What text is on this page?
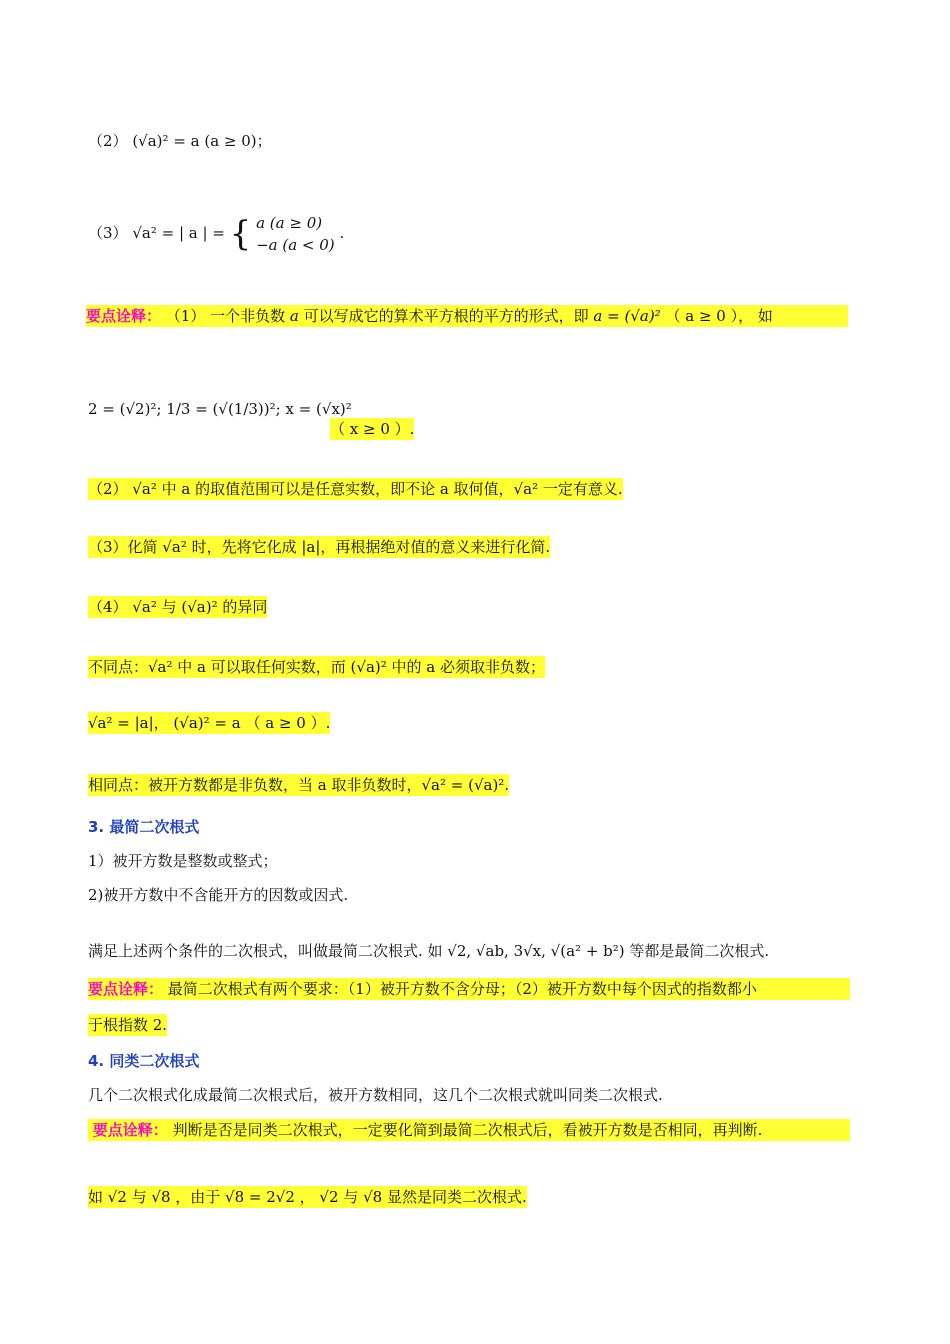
（2） (√a)² = a (a ≥ 0)；
（3） √a² = | a | = { a (a ≥ 0)
−a (a < 0)
.
要点诠释： （1） 一个非负数 a 可以写成它的算术平方根的平方的形式，即 a = (√a)² （ a ≥ 0 ）， 如
2 = (√2)²; 1/3 = (√(1/3))²; x = (√x)²
（ x ≥ 0 ）.
（2） √a² 中 a 的取值范围可以是任意实数，即不论 a 取何值，√a² 一定有意义.
（3）化简 √a² 时，先将它化成 |a|，再根据绝对值的意义来进行化简.
（4） √a² 与 (√a)² 的异同
不同点：√a² 中 a 可以取任何实数，而 (√a)² 中的 a 必须取非负数；
√a² = |a|， (√a)² = a （ a ≥ 0 ）.
相同点：被开方数都是非负数，当 a 取非负数时，√a² = (√a)².
3. 最简二次根式
1）被开方数是整数或整式；
2)被开方数中不含能开方的因数或因式.
满足上述两个条件的二次根式，叫做最简二次根式. 如 √2, √ab, 3√x, √(a² + b²) 等都是最简二次根式.
要点诠释： 最简二次根式有两个要求：（1）被开方数不含分母；（2）被开方数中每个因式的指数都小
于根指数 2.
4. 同类二次根式
几个二次根式化成最简二次根式后，被开方数相同，这几个二次根式就叫同类二次根式.
要点诠释： 判断是否是同类二次根式，一定要化简到最简二次根式后，看被开方数是否相同，再判断.
如 √2 与 √8 ，由于 √8 = 2√2 ， √2 与 √8 显然是同类二次根式.
